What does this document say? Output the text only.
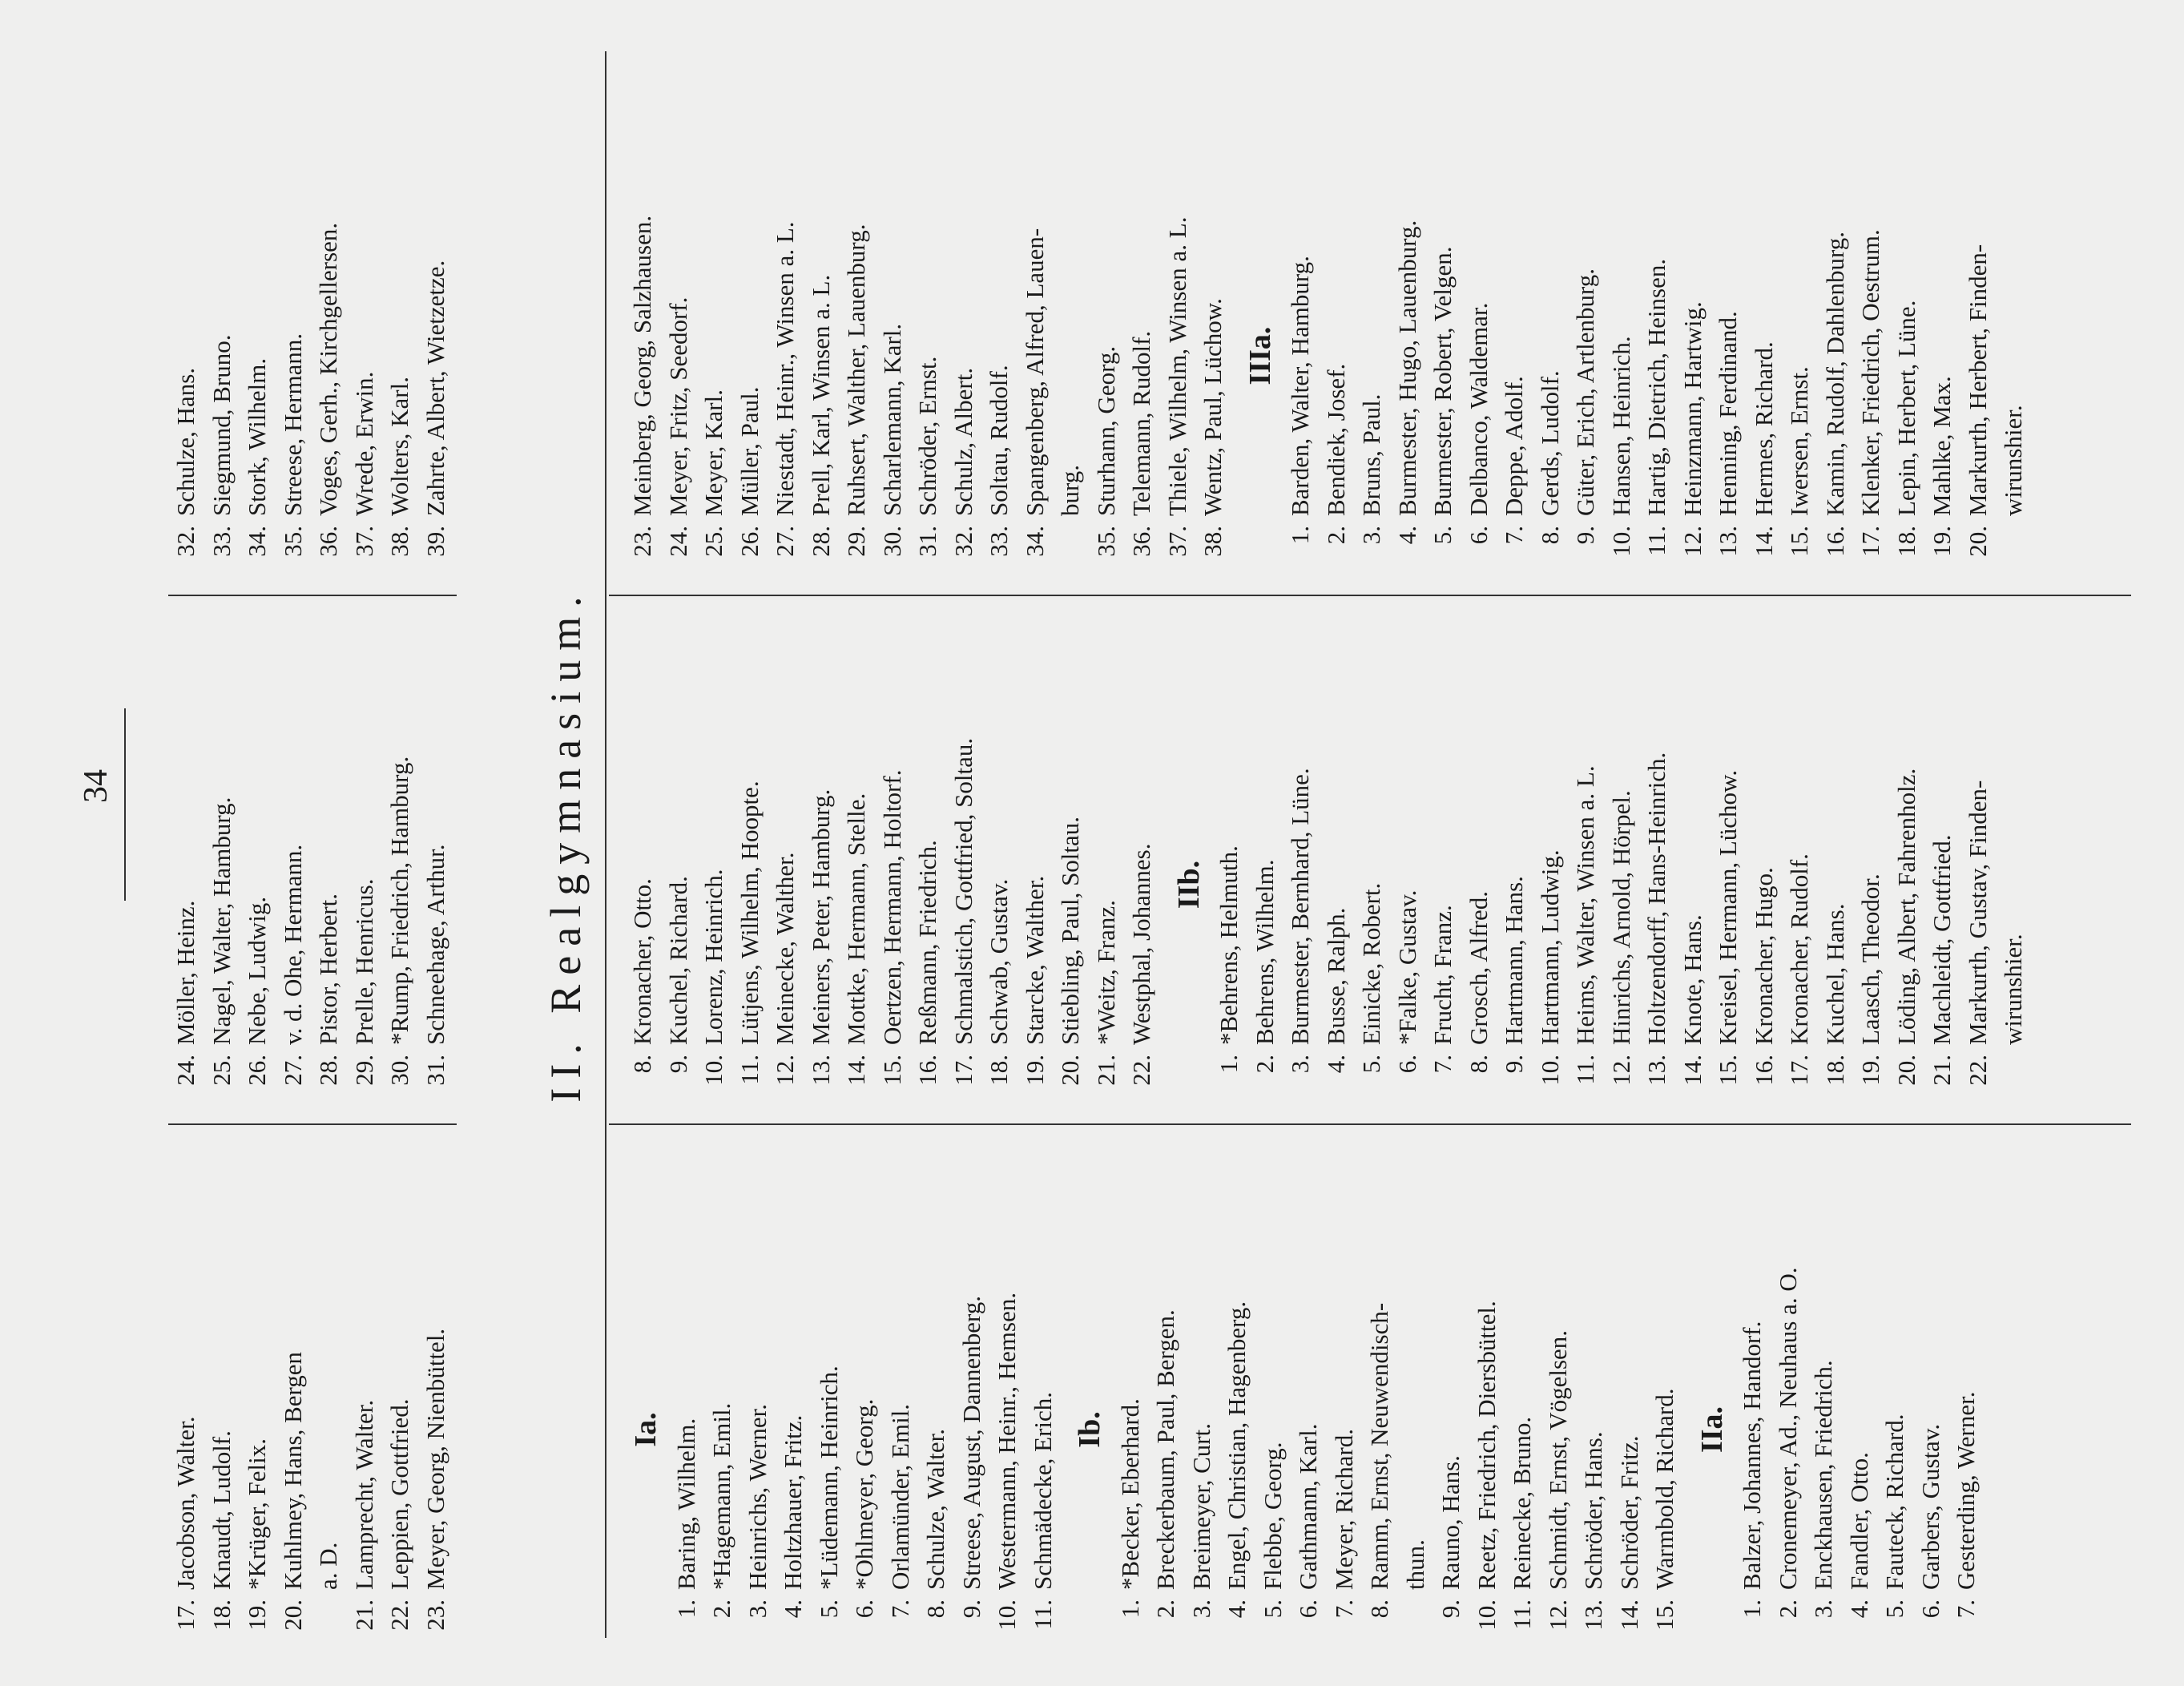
34
17.
Jacobson, Walter.
18.
Knaudt, Ludolf.
19.
*Krüger, Felix.
20.
Kuhlmey, Hans, Bergen a. D.
21.
Lamprecht, Walter.
22.
Leppien, Gottfried.
23.
Meyer, Georg, Nienbüttel.
24.
Möller, Heinz.
25.
Nagel, Walter, Hamburg.
26.
Nebe, Ludwig.
27.
v. d. Ohe, Hermann.
28.
Pistor, Herbert.
29.
Prelle, Henricus.
30.
*Rump, Friedrich, Hamburg.
31.
Schneehage, Arthur.
32.
Schulze, Hans.
33.
Siegmund, Bruno.
34.
Stork, Wilhelm.
35.
Streese, Hermann.
36.
Voges, Gerh., Kirchgellersen.
37.
Wrede, Erwin.
38.
Wolters, Karl.
39.
Zahrte, Albert, Wietzetze.
II. Realgymnasium.
Ia.
1.
Baring, Wilhelm.
2.
*Hagemann, Emil.
3.
Heinrichs, Werner.
4.
Holtzhauer, Fritz.
5.
*Lüdemann, Heinrich.
6.
*Ohlmeyer, Georg.
7.
Orlamünder, Emil.
8.
Schulze, Walter.
9.
Streese, August, Dannenberg.
10.
Westermann, Heinr., Hemsen.
11.
Schmädecke, Erich. Ib.
1.
*Becker, Eberhard.
2.
Breckerbaum, Paul, Bergen.
3.
Breimeyer, Curt.
4.
Engel, Christian, Hagenberg.
5.
Flebbe, Georg.
6.
Gathmann, Karl.
7.
Meyer, Richard.
8.
Ramm, Ernst, Neuwendisch- thun.
9.
Rauno, Hans.
10.
Reetz, Friedrich, Diersbüttel.
11.
Reinecke, Bruno.
12.
Schmidt, Ernst, Vögelsen.
13.
Schröder, Hans.
14.
Schröder, Fritz.
15.
Warmbold, Richard. IIa.
1.
Balzer, Johannes, Handorf.
2.
Cronemeyer, Ad., Neuhaus a. O.
3.
Enckhausen, Friedrich.
4.
Fandler, Otto.
5.
Fauteck, Richard.
6.
Garbers, Gustav.
7.
Gesterding, Werner.
8.
Kronacher, Otto.
9.
Kuchel, Richard.
10.
Lorenz, Heinrich.
11.
Lütjens, Wilhelm, Hoopte.
12.
Meinecke, Walther.
13.
Meiners, Peter, Hamburg.
14.
Mottke, Hermann, Stelle.
15.
Oertzen, Hermann, Holtorf.
16.
Reßmann, Friedrich.
17.
Schmalstich, Gottfried, Soltau.
18.
Schwab, Gustav.
19.
Starcke, Walther.
20.
Stiebling, Paul, Soltau.
21.
*Weitz, Franz.
22.
Westphal, Johannes. IIb.
1.
*Behrens, Helmuth.
2.
Behrens, Wilhelm.
3.
Burmester, Bernhard, Lüne.
4.
Busse, Ralph.
5.
Einicke, Robert.
6.
*Falke, Gustav.
7.
Frucht, Franz.
8.
Grosch, Alfred.
9.
Hartmann, Hans.
10.
Hartmann, Ludwig.
11.
Heims, Walter, Winsen a. L.
12.
Hinrichs, Arnold, Hörpel.
13.
Holtzendorff, Hans-Heinrich.
14.
Knote, Hans.
15.
Kreisel, Hermann, Lüchow.
16.
Kronacher, Hugo.
17.
Kronacher, Rudolf.
18.
Kuchel, Hans.
19.
Laasch, Theodor.
20.
Löding, Albert, Fahrenholz.
21.
Machleidt, Gottfried.
22.
Markurth, Gustav, Finden- wirunshier.
23.
Meinberg, Georg, Salzhausen.
24.
Meyer, Fritz, Seedorf.
25.
Meyer, Karl.
26.
Müller, Paul.
27.
Niestadt, Heinr., Winsen a. L.
28.
Prell, Karl, Winsen a. L.
29.
Ruhsert, Walther, Lauenburg.
30.
Scharlemann, Karl.
31.
Schröder, Ernst.
32.
Schulz, Albert.
33.
Soltau, Rudolf.
34.
Spangenberg, Alfred, Lauen- burg.
35.
Sturhann, Georg.
36.
Telemann, Rudolf.
37.
Thiele, Wilhelm, Winsen a. L.
38.
Wentz, Paul, Lüchow. IIIa.
1.
Barden, Walter, Hamburg.
2.
Bendiek, Josef.
3.
Bruns, Paul.
4.
Burmester, Hugo, Lauenburg.
5.
Burmester, Robert, Velgen.
6.
Delbanco, Waldemar.
7.
Deppe, Adolf.
8.
Gerds, Ludolf.
9.
Güter, Erich, Artlenburg.
10.
Hansen, Heinrich.
11.
Hartig, Dietrich, Heinsen.
12.
Heinzmann, Hartwig.
13.
Henning, Ferdinand.
14.
Hermes, Richard.
15.
Iwersen, Ernst.
16.
Kamin, Rudolf, Dahlenburg.
17.
Klenker, Friedrich, Oestrum.
18.
Lepin, Herbert, Lüne.
19.
Mahlke, Max.
20.
Markurth, Herbert, Finden- wirunshier.
